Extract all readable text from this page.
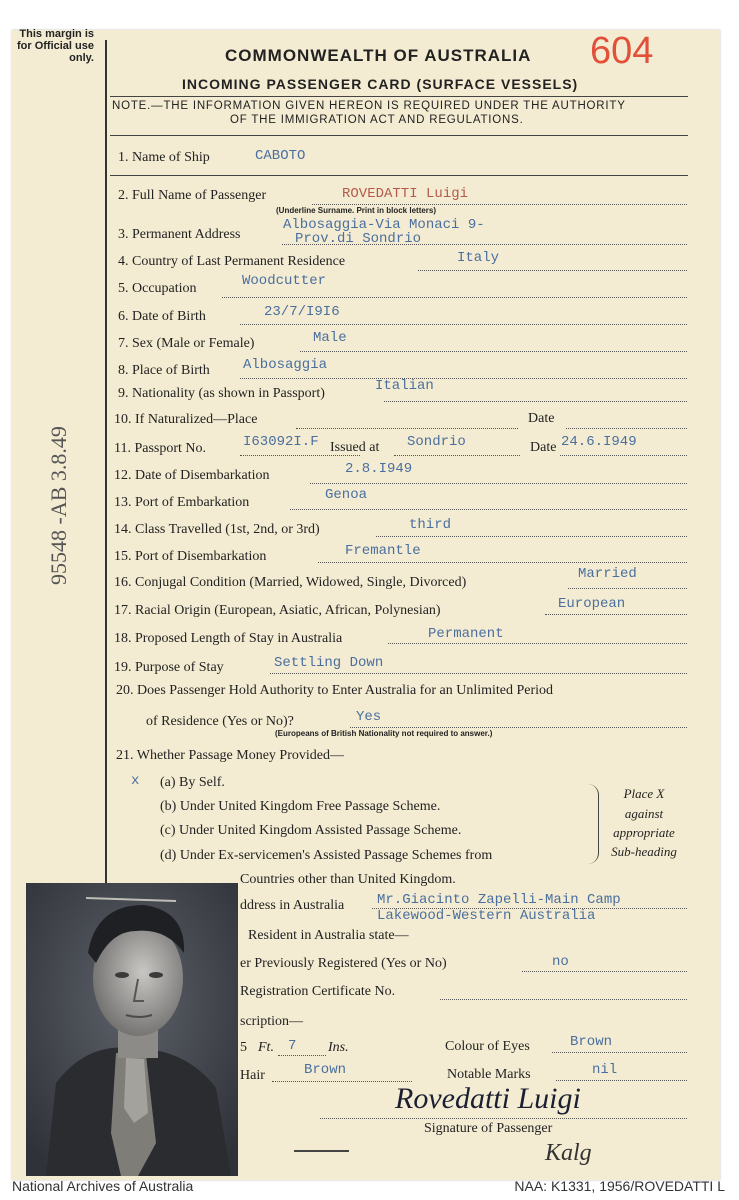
This margin is for Official use only.	COMMONWEALTH OF AUSTRALIA
INCOMING PASSENGER CARD (SURFACE VESSELS)
604
NOTE.—THE INFORMATION GIVEN HEREON IS REQUIRED UNDER THE AUTHORITY
OF THE IMMIGRATION ACT AND REGULATIONS.
95548 -AB 3.8.49
1. Name of Ship	CABOTO
2. Full Name of Passenger	ROVEDATTI Luigi
(Underline Surname. Print in block letters)
3. Permanent Address
Albosaggia-Via Monaci 9-
Prov.di Sondrio
4. Country of Last Permanent Residence	Italy
5. Occupation	Woodcutter
6. Date of Birth	23/7/I9I6
7. Sex (Male or Female)	Male
8. Place of Birth Albosaggia
9. Nationality (as shown in Passport)	Italian
10. If Naturalized—Place	Date
11. Passport No.	I63092I.F Issued at Sondrio	Date 24.6.I949
12. Date of Disembarkation	2.8.I949
13. Port of Embarkation	Genoa
14. Class Travelled (1st, 2nd, or 3rd)	third
15. Port of Disembarkation	Fremantle
16. Conjugal Condition (Married, Widowed, Single, Divorced)
Married
17. Racial Origin (European, Asiatic, African, Polynesian)	European
18. Proposed Length of Stay in Australia	Permanent
19. Purpose of Stay	Settling Down
20. Does Passenger Hold Authority to Enter Australia for an Unlimited Period
of Residence (Yes or No)?	Yes
(Europeans of British Nationality not required to answer.)
21. Whether Passage Money Provided—
x (a) By Self.
(b) Under United Kingdom Free Passage Scheme.
(c) Under United Kingdom Assisted Passage Scheme.
(d) Under Ex-servicemen's Assisted Passage Schemes from
Countries other than United Kingdom.
Place X
against
appropriate
Sub-heading
ddress in Australia Mr.Giacinto Zapelli-Main Camp
Lakewood-Western Australia
Resident in Australia state—
er Previously Registered (Yes or No)	no
Registration Certificate No.
scription—
5 Ft. 7 Ins.	Colour of Eyes	Brown
Hair	Brown	Notable Marks	nil
Rovedatti Luigi
Signature of Passenger
Kalg
National Archives of Australia	NAA: K1331, 1956/ROVEDATTI L
